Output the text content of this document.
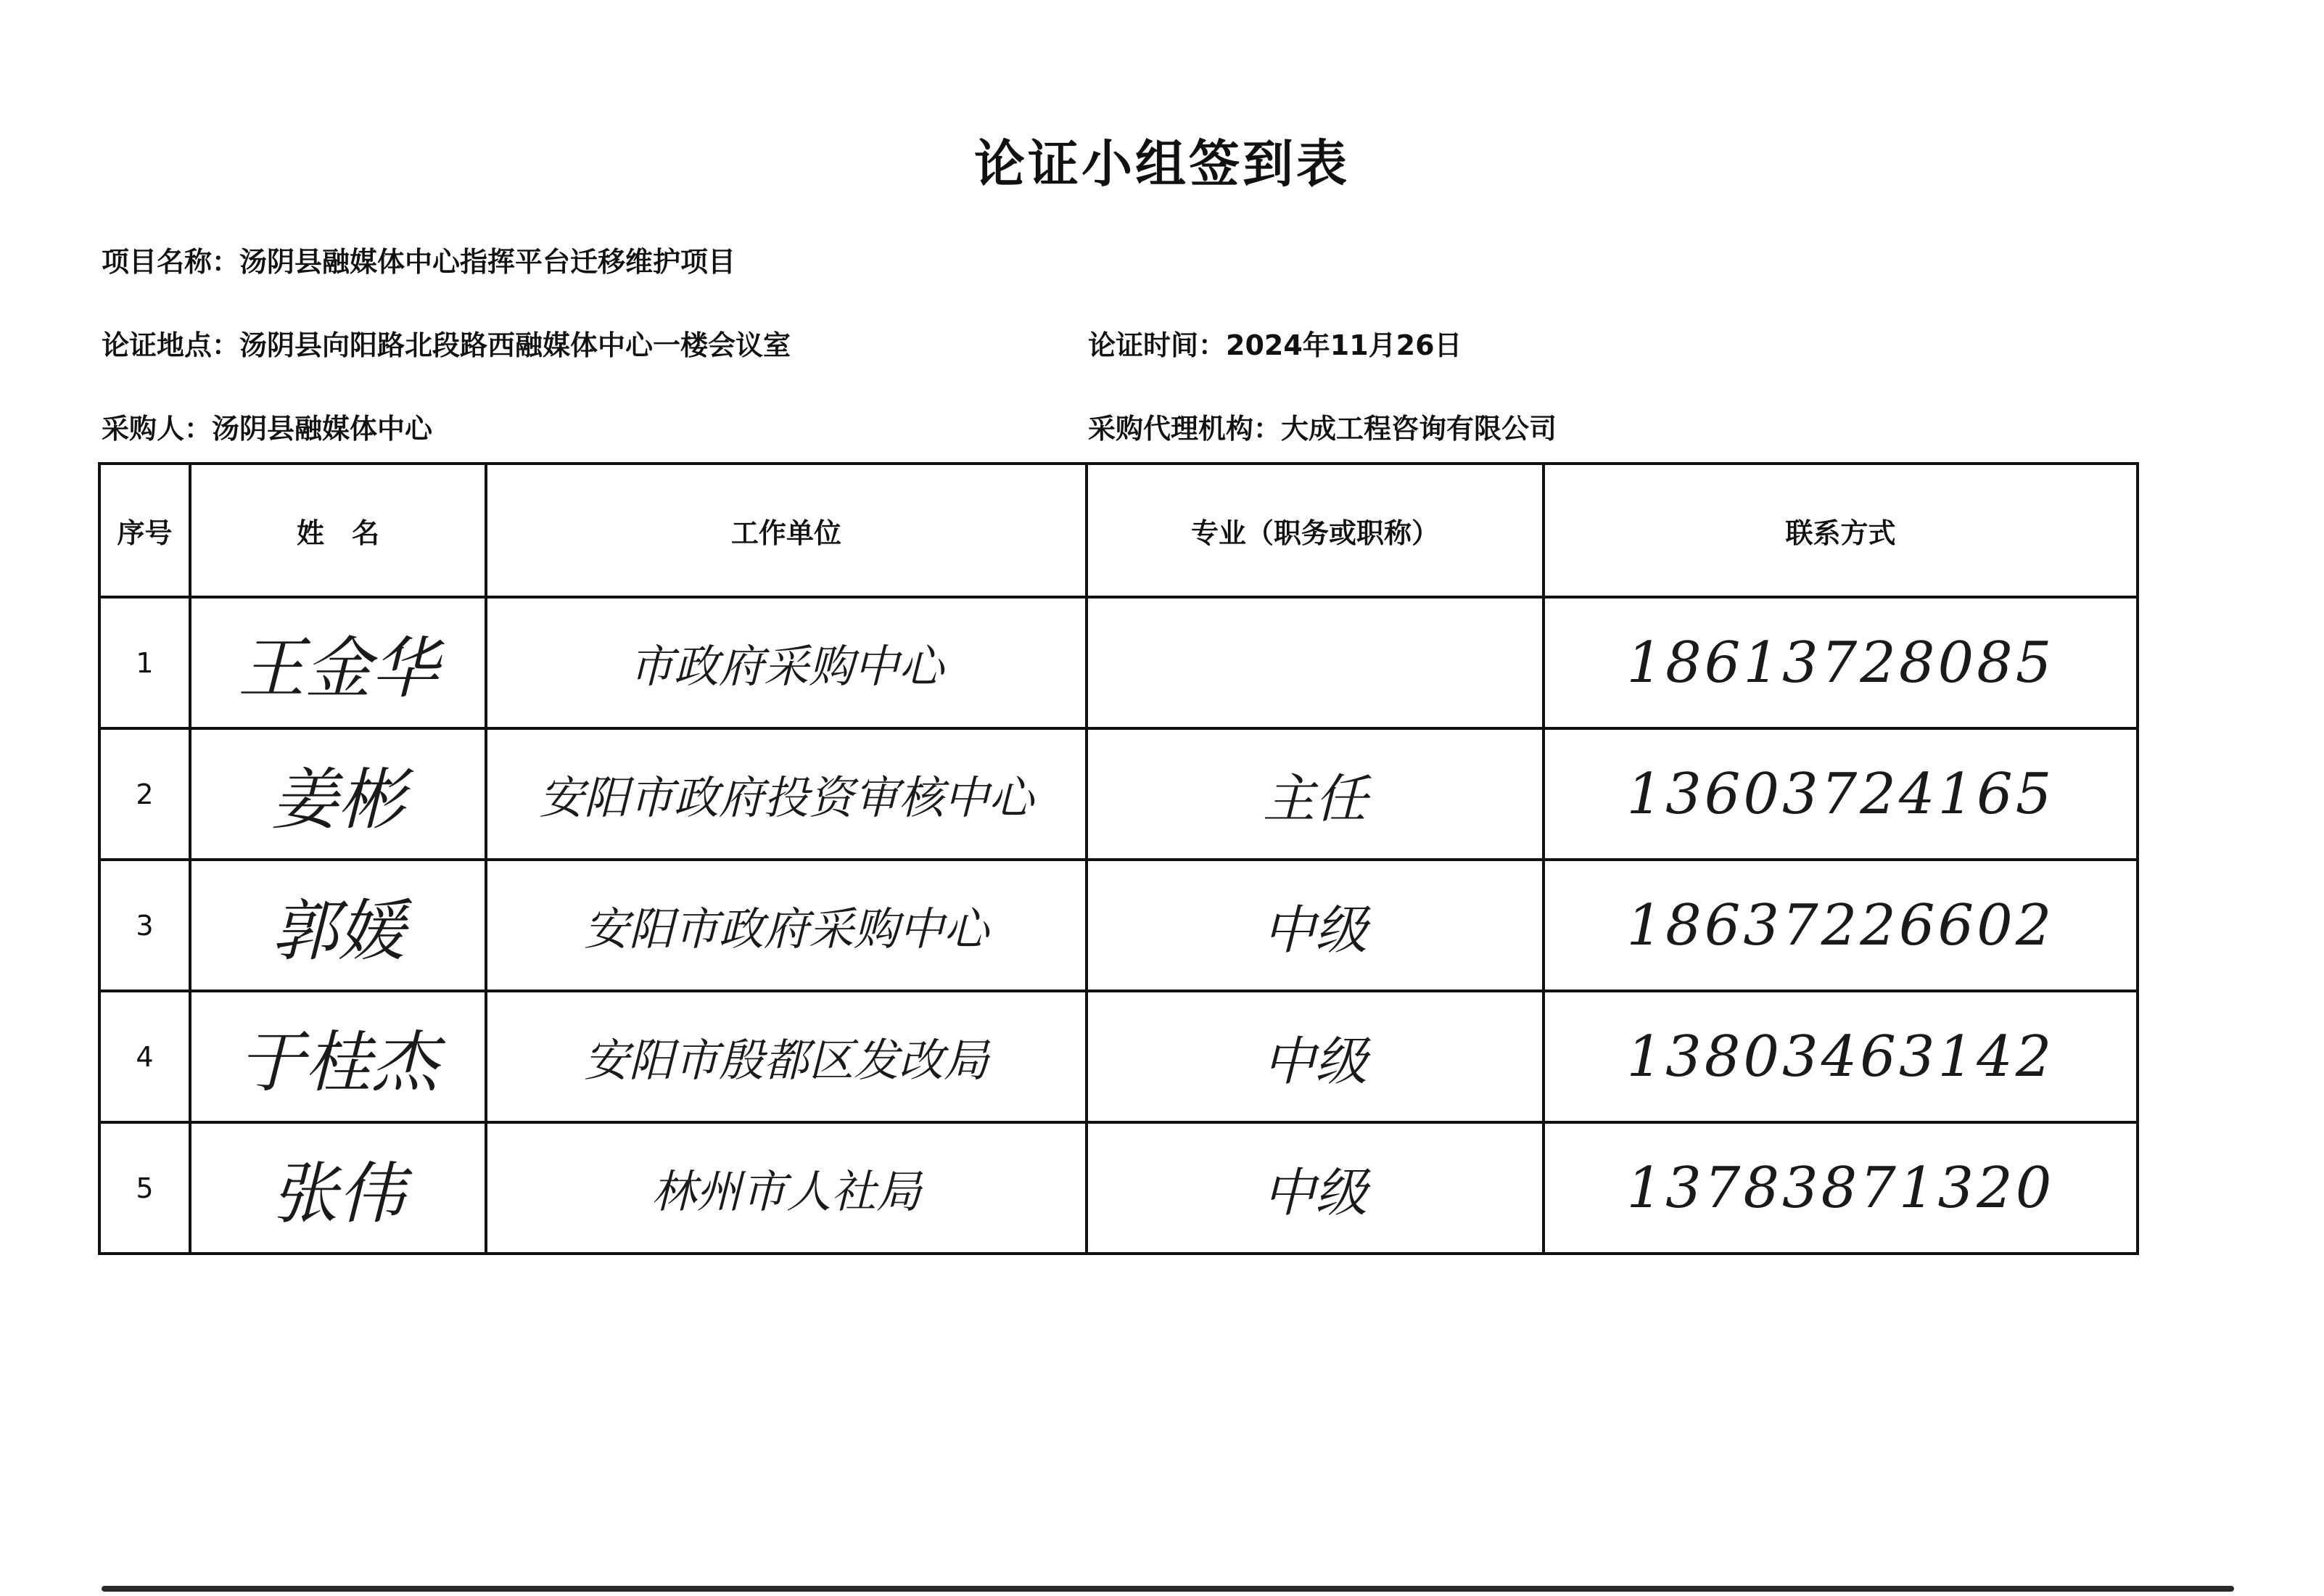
论证小组签到表
项目名称：汤阴县融媒体中心指挥平台迁移维护项目
论证地点：汤阴县向阳路北段路西融媒体中心一楼会议室	论证时间：2024年11月26日
采购人：汤阴县融媒体中心	采购代理机构：大成工程咨询有限公司
序号	姓　名	工作单位	专业（职务或职称）	联系方式
1	王金华	市政府采购中心		18613728085
2	姜彬	安阳市政府投资审核中心	主任	13603724165
3	郭媛	安阳市政府采购中心	中级	18637226602
4	于桂杰	安阳市殷都区发改局	中级	13803463142
5	张伟	林州市人社局	中级	13783871320
